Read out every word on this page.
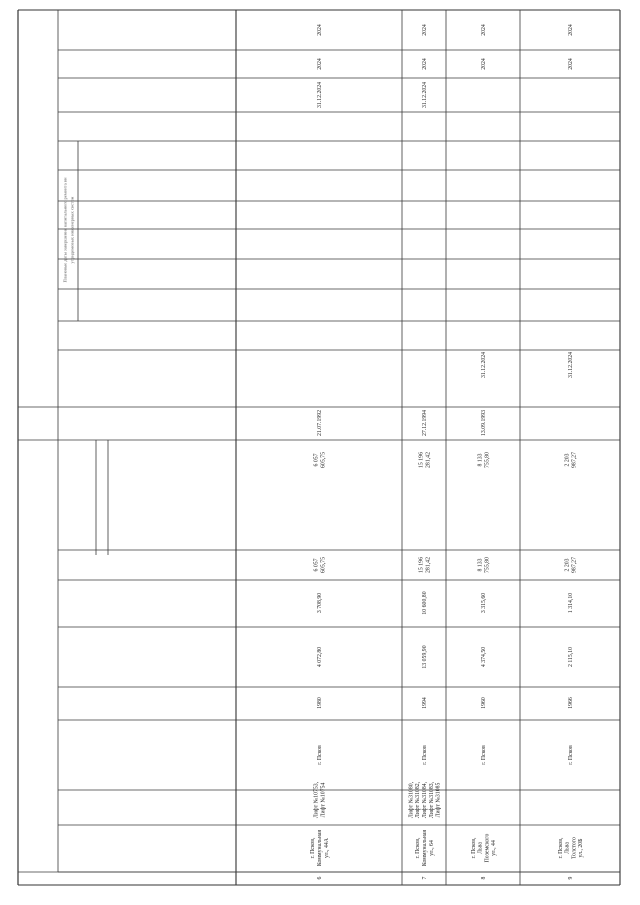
Плановые даты завершения капитального ремонта вн утридомовых инженерных систем
6
г. Псков,Коммунальнаяул., 44А
Лифт №10753,Лифт №10754
г. Псков
1980
4 072,80
3 708,90
6 057605,75
6 057605,75
21.07.1992
31.12.2024
2024
2024
7
г. Псков,Коммунальнаяул., 64
Лифт №31080,Лифт №31082,Лифт №31084,Лифт №31083,Лифт №31085
г. Псков
1994
13 059,90
10 600,80
15 196281,42
15 196281,42
27.12.1994
31.12.2024
2024
2024
8
г. Псков,ЛьваПоземскогоул., 44
г. Псков
1960
4 374,50
3 315,60
8 133755,80
8 133755,80
13.09.1993
31.12.2024
2024
2024
9
г. Псков,ЛьваТолстогоул., 20Б
г. Псков
1966
2 115,10
1 314,10
2 203987,27
2 203987,27
31.12.2024
2024
2024
